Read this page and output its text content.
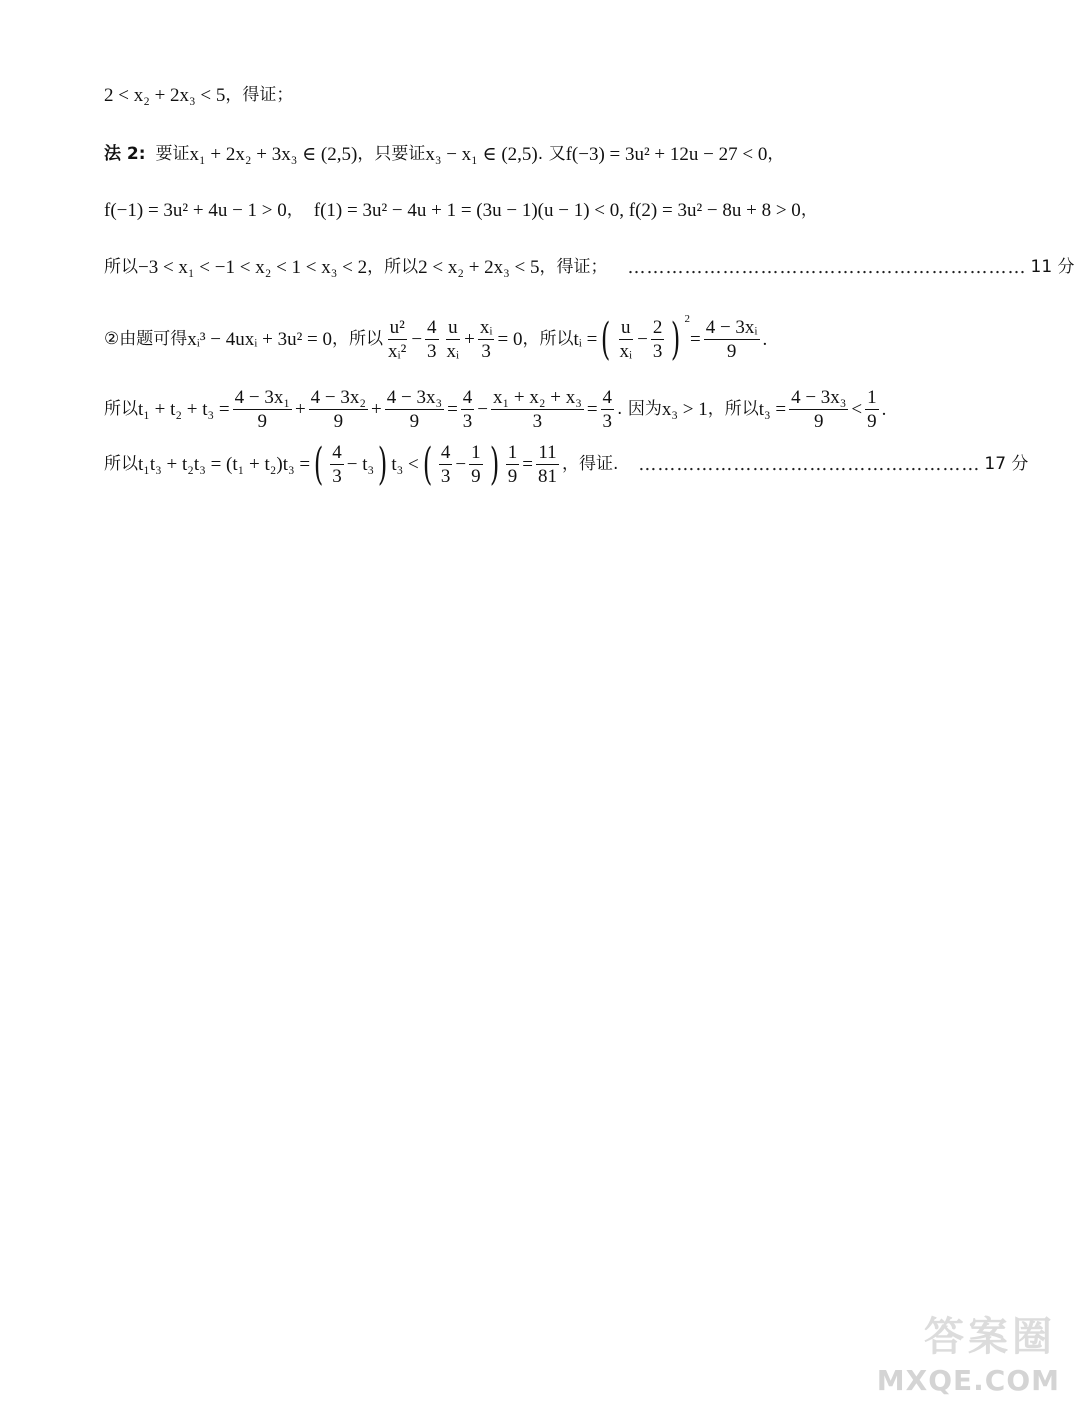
2 < x₂ + 2x₃ < 5 ，得证；
法 2: 要证 x₁ + 2x₂ + 3x₃ ∈ (2,5) ，只要证 x₃ − x₁ ∈ (2,5) . 又 f(−3) = 3u² + 12u − 27 < 0 ，
f(−1) = 3u² + 4u − 1 > 0 ， f(1) = 3u² − 4u + 1 = (3u − 1)(u − 1) < 0, f(2) = 3u² − 8u + 8 > 0 ，
所以 −3 < x₁ < −1 < x₂ < 1 < x₃ < 2 ，所以 2 < x₂ + 2x₃ < 5 ，得证； ……………………………………………………… 11 分
②由题可得 xᵢ³ − 4uxᵢ + 3u² = 0 ，所以 $\frac{\text{u²}}{\text{xᵢ²}} - \frac{4}{3} \frac{u}{\text{xᵢ}} + \frac{\text{xᵢ}}{3} = 0$ ，所以 tᵢ = ( $\frac{u}{\text{xᵢ}} - \frac{2}{3}$ ) 2
= $\frac{\text{4 − 3xᵢ}}{9}$ .
所以 $t_1 + t_2 + t_3 = \frac{\text{4 − 3x₁}}{9} + \frac{\text{4 − 3x₂}}{9} + \frac{\text{4 − 3x₃}}{9} = \frac{4}{3} - \frac{\text{x₁ + x₂ + x₃}}{3} = \frac{4}{3}$ . 因为 x₃ > 1 ，所以 $t_3 = \frac{\text{4 − 3x₃}}{9} < \frac{1}{9}$ .
所以 t₁t₃ + t₂t₃ = (t₁ + t₂)t₃ = ( $\frac{4}{3} - t_3$ ) t₃ < ( $\frac{4}{3} - \frac{1}{9}$ ) $\frac{1}{9} = \frac{11}{81}$ ，得证. ……………………………………………… 17 分
答案圈
MXQE.COM
